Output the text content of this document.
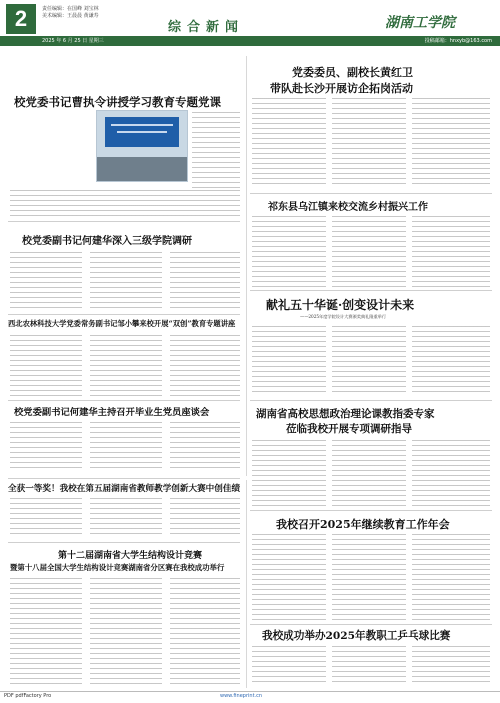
2	责任编辑：在国峰 刘宝林
美术编辑：王晨晨 黄谦寿
综合新闻	湖南工学院
2025 年 6 月 25 日 星期三	投稿邮箱：hnxyb@163.com
校党委书记曹执令讲授学习教育专题党课
校党委副书记何建华深入三级学院调研
西北农林科技大学党委常务副书记邹小攀来校开展“双创”教育专题讲座
校党委副书记何建华主持召开毕业生党员座谈会
党委委员、副校长黄红卫
带队赴长沙开展访企拓岗活动
祁东县乌江镇来校交流乡村振兴工作
献礼五十华诞·创变设计未来
——2025年度学院设计大赛颁奖典礼隆重举行
湖南省高校思想政治理论课教指委专家
莅临我校开展专项调研指导
全获一等奖！我校在第五届湖南省教师教学创新大赛中创佳绩
第十二届湖南省大学生结构设计竞赛
暨第十八届全国大学生结构设计竞赛湖南省分区赛在我校成功举行
我校召开2025年继续教育工作年会
我校成功举办2025年教职工乒乓球比赛
PDF pdfFactory Pro	www.fineprint.cn
